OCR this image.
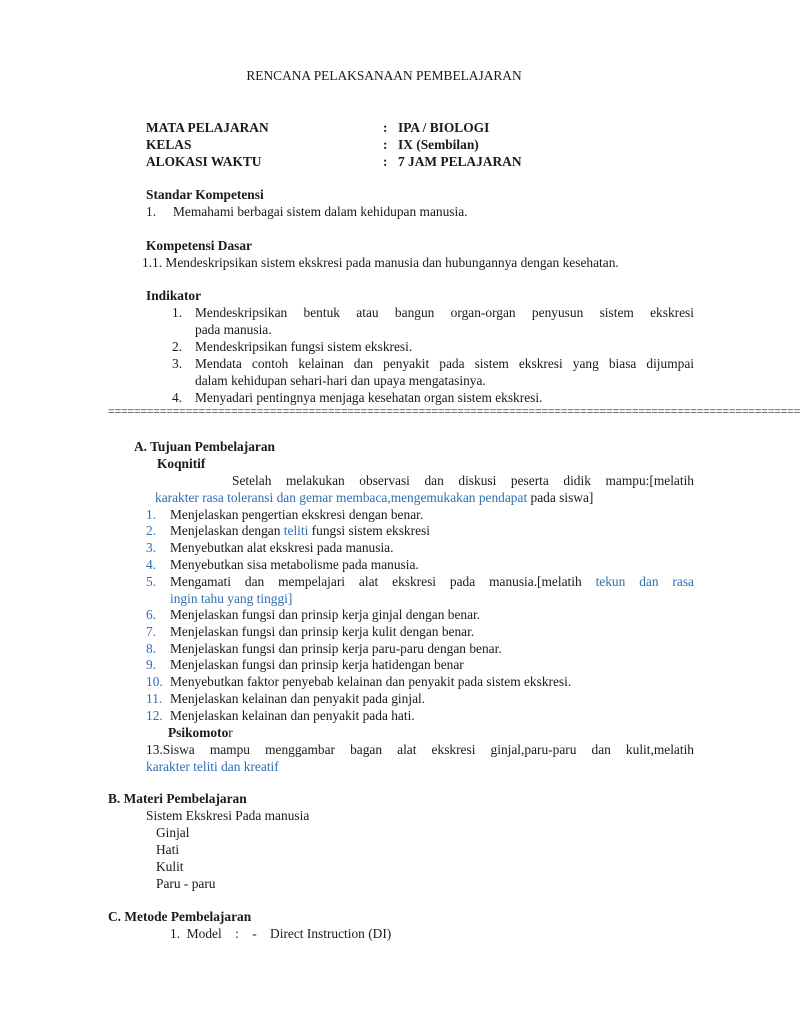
RENCANA PELAKSANAAN PEMBELAJARAN
MATA PELAJARAN	: IPA / BIOLOGI
KELAS	: IX (Sembilan)
ALOKASI WAKTU	: 7 JAM PELAJARAN
Standar Kompetensi
1. Memahami berbagai sistem dalam kehidupan manusia.
Kompetensi Dasar
1.1. Mendeskripsikan sistem ekskresi pada manusia dan hubungannya dengan kesehatan.
Indikator
1. Mendeskripsikan bentuk atau bangun organ-organ penyusun sistem ekskresi
pada manusia.
2. Mendeskripsikan fungsi sistem ekskresi.
3. Mendata contoh kelainan dan penyakit pada sistem ekskresi yang biasa dijumpai
dalam kehidupan sehari-hari dan upaya mengatasinya.
4. Menyadari pentingnya menjaga kesehatan organ sistem ekskresi.
===========================================================================================================
A. Tujuan Pembelajaran
Koqnitif
Setelah melakukan observasi dan diskusi peserta didik mampu:[melatih
karakter rasa toleransi dan gemar membaca,mengemukakan pendapat pada siswa]
1. Menjelaskan pengertian ekskresi dengan benar.
2. Menjelaskan dengan teliti fungsi sistem ekskresi
3. Menyebutkan alat ekskresi pada manusia.
4. Menyebutkan sisa metabolisme pada manusia.
5. Mengamati dan mempelajari alat ekskresi pada manusia.[melatih tekun dan rasa
ingin tahu yang tinggi]
6. Menjelaskan fungsi dan prinsip kerja ginjal dengan benar.
7. Menjelaskan fungsi dan prinsip kerja kulit dengan benar.
8. Menjelaskan fungsi dan prinsip kerja paru-paru dengan benar.
9. Menjelaskan fungsi dan prinsip kerja hatidengan benar
10. Menyebutkan faktor penyebab kelainan dan penyakit pada sistem ekskresi.
11. Menjelaskan kelainan dan penyakit pada ginjal.
12. Menjelaskan kelainan dan penyakit pada hati.
Psikomotor
13.Siswa mampu menggambar bagan alat ekskresi ginjal,paru-paru dan kulit,melatih
karakter teliti dan kreatif
B. Materi Pembelajaran
Sistem Ekskresi Pada manusia
Ginjal
Hati
Kulit
Paru - paru
C. Metode Pembelajaran
1.  Model    :    -    Direct Instruction (DI)
